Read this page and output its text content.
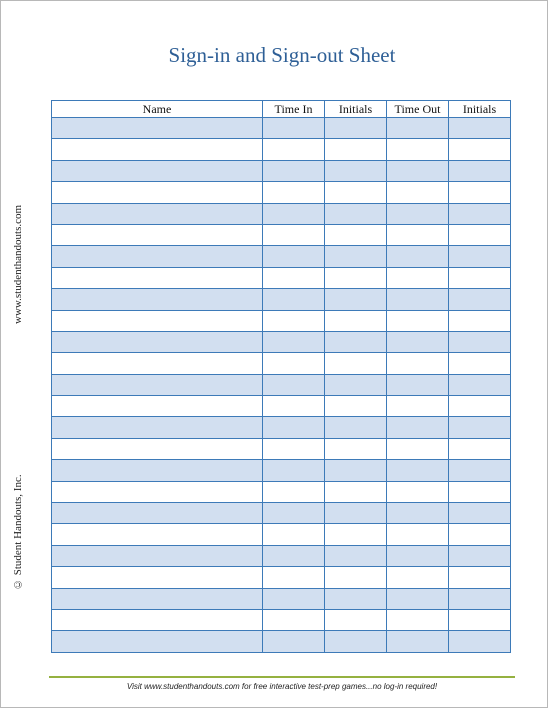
Sign-in and Sign-out Sheet
www.studenthandouts.com
© Student Handouts, Inc.
Name	Time In	Initials	Time Out	Initials

Visit www.studenthandouts.com for free interactive test-prep games...no log-in required!
